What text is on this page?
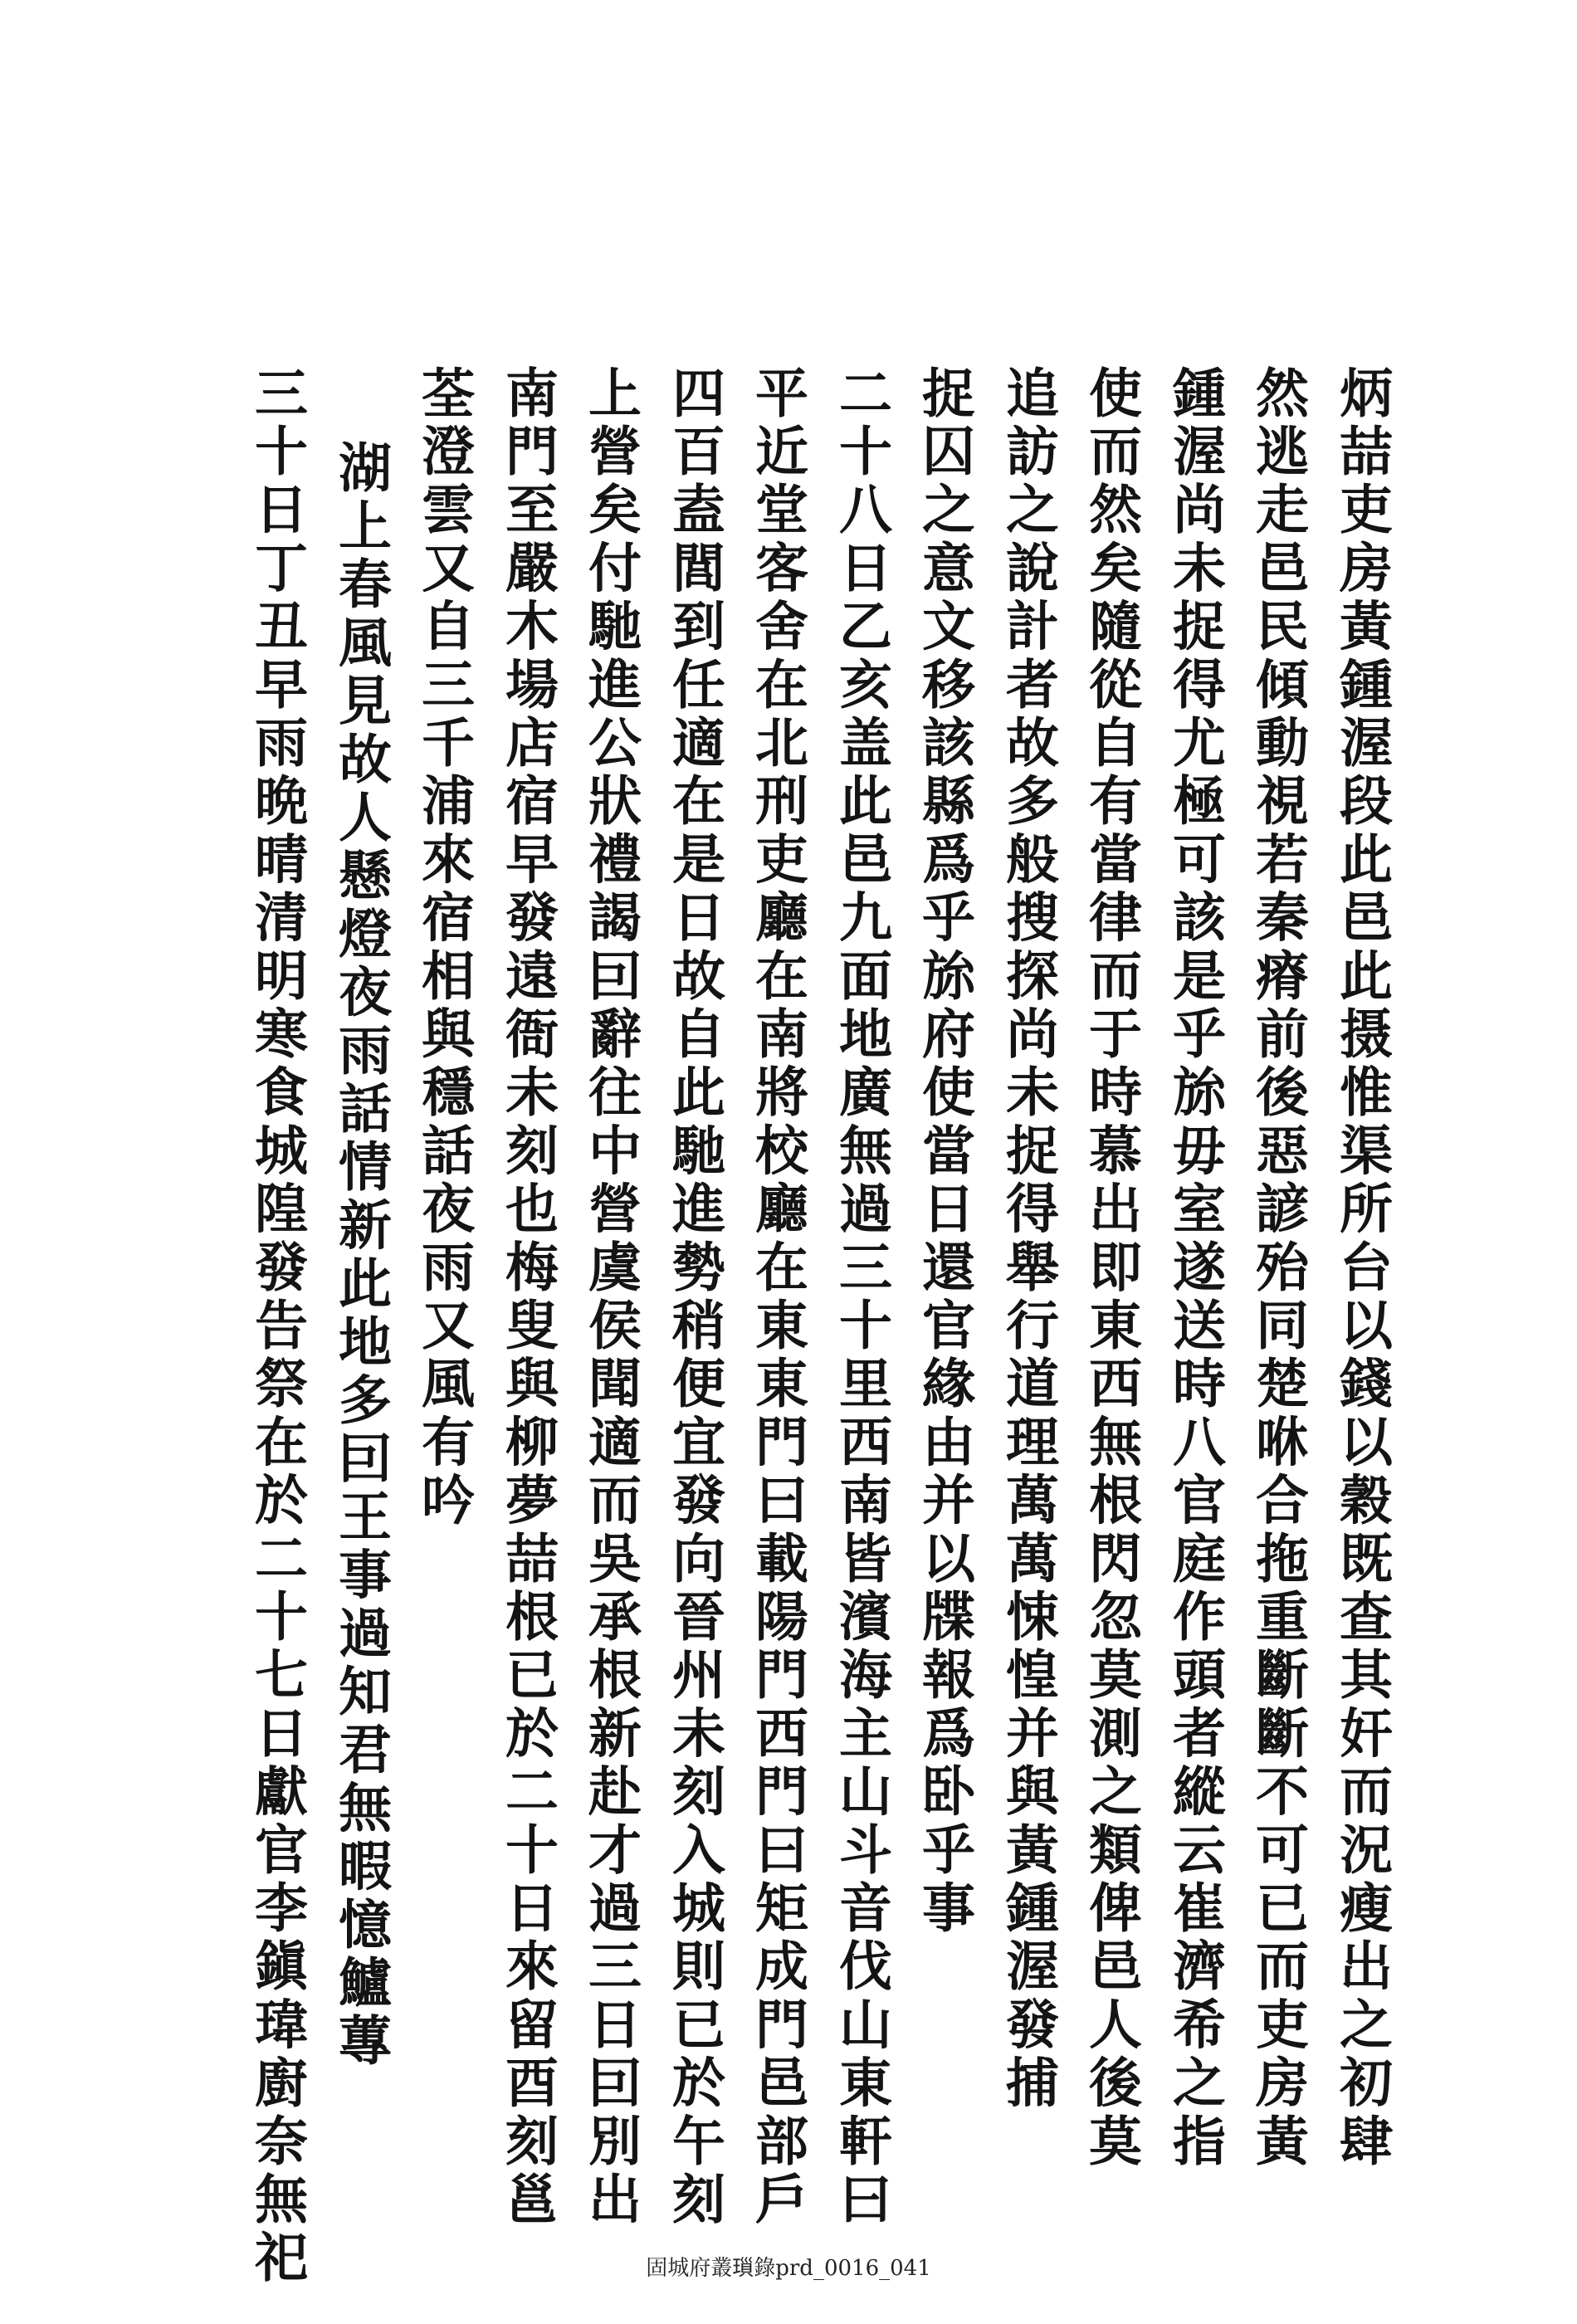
炳喆吏房黃鍾渥段此邑此摄惟渠所台以錢以穀既查其奸而況瘦出之初肆
然逃走邑民傾動視若秦瘠前後惡諺殆同楚咻合拖重斷斷不可已而吏房黃
鍾渥尚未捉得尤極可該是乎旀毋室遂送時八官庭作頭者縱云崔濟希之指
使而然矣隨從自有當律而于時慕出即東西無根閃忽莫測之類俾邑人後莫
追訪之說計者故多般搜探尚未捉得舉行道理萬萬悚惶并與黃鍾渥發捕
捉囚之意文移該縣爲乎旀府使當日還官緣由并以牒報爲卧乎事
二十八日乙亥盖此邑九面地廣無過三十里西南皆濱海主山斗音伐山東軒曰
平近堂客舍在北刑吏廳在南將校廳在東東門曰載陽門西門曰矩成門邑部戶
四百盍閭到任適在是日故自此馳進勢稍便宜發向晉州未刻入城則已於午刻
上營矣付馳進公狀禮謁囙辭往中營虞侯聞適而吳承根新赴才過三日囙別出
南門至嚴木場店宿早發遠衙未刻也梅叟與柳夢喆根已於二十日來留酉刻邕
荃澄雲又自三千浦來宿相與穩話夜雨又風有吟
湖上春風見故人懸燈夜雨話情新此地多囙王事過知君無暇憶鱸蓴
三十日丁丑早雨晩晴清明寒食城隍發告祭在於二十七日獻官李鎭瑋廚奈無祀	固城府叢𤨏錄prd_0016_041
